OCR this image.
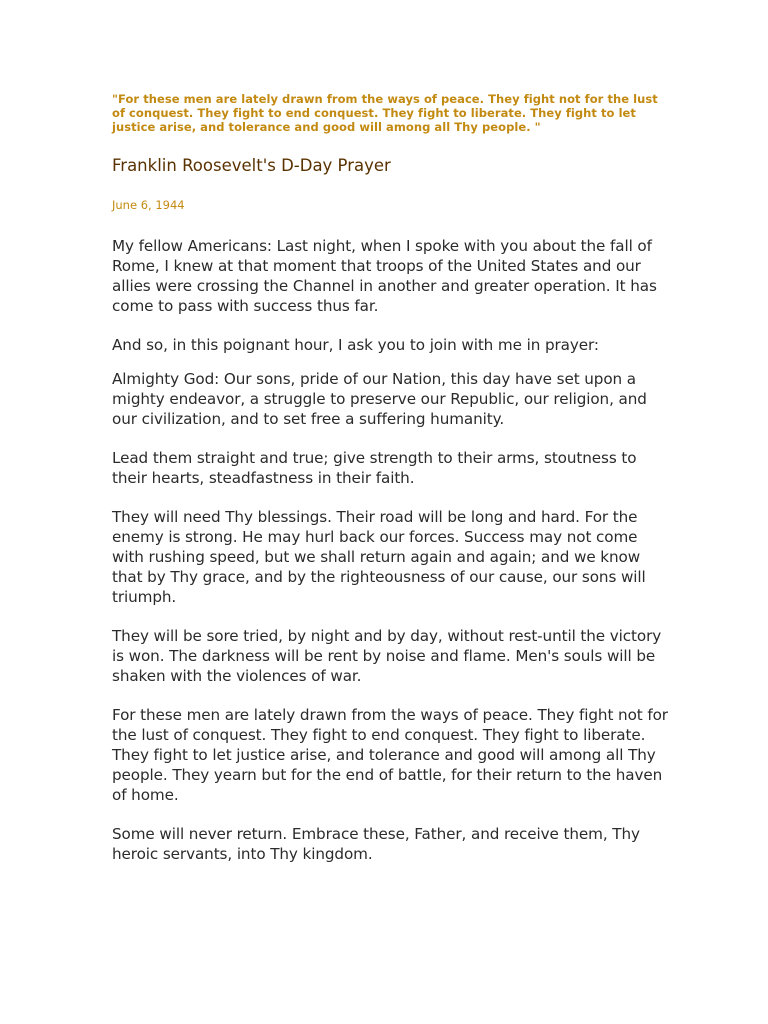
"For these men are lately drawn from the ways of peace. They fight not for the lust of conquest. They fight to end conquest. They fight to liberate. They fight to let justice arise, and tolerance and good will among all Thy people. "

Franklin Roosevelt's D-Day Prayer

June 6, 1944

My fellow Americans: Last night, when I spoke with you about the fall of Rome, I knew at that moment that troops of the United States and our allies were crossing the Channel in another and greater operation. It has come to pass with success thus far.

And so, in this poignant hour, I ask you to join with me in prayer:

Almighty God: Our sons, pride of our Nation, this day have set upon a mighty endeavor, a struggle to preserve our Republic, our religion, and our civilization, and to set free a suffering humanity.

Lead them straight and true; give strength to their arms, stoutness to their hearts, steadfastness in their faith.

They will need Thy blessings. Their road will be long and hard. For the enemy is strong. He may hurl back our forces. Success may not come with rushing speed, but we shall return again and again; and we know that by Thy grace, and by the righteousness of our cause, our sons will triumph.

They will be sore tried, by night and by day, without rest-until the victory is won. The darkness will be rent by noise and flame. Men's souls will be shaken with the violences of war.

For these men are lately drawn from the ways of peace. They fight not for the lust of conquest. They fight to end conquest. They fight to liberate. They fight to let justice arise, and tolerance and good will among all Thy people. They yearn but for the end of battle, for their return to the haven of home.

Some will never return. Embrace these, Father, and receive them, Thy heroic servants, into Thy kingdom.
